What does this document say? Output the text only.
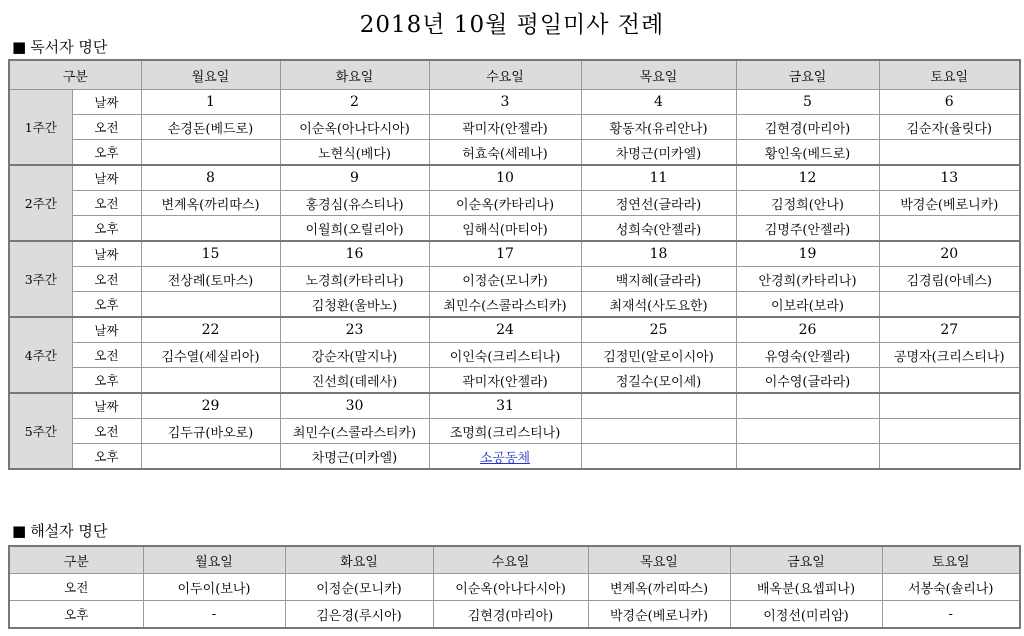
2018년 10월 평일미사 전례
■ 독서자 명단
구분		월요일	화요일	수요일	목요일	금요일	토요일
1주간	날짜	1	2	3	4	5	6
	오전	손경돈(베드로)	이순옥(아나다시아)	곽미자(안젤라)	황동자(유리안나)	김현경(마리아)	김순자(율릿다)
	오후		노현식(베다)	허효숙(세레나)	차명근(미카엘)	황인욱(베드로)	
2주간	날짜	8	9	10	11	12	13
	오전	변계옥(까리따스)	홍경심(유스티나)	이순옥(카타리나)	정연선(글라라)	김정희(안나)	박경순(베로니카)
	오후		이월희(오릴리아)	임해식(마티아)	성희숙(안젤라)	김명주(안젤라)	
3주간	날짜	15	16	17	18	19	20
	오전	전상례(토마스)	노경희(카타리나)	이정순(모니카)	백지혜(글라라)	안경희(카타리나)	김경림(아녜스)
	오후		김청환(울바노)	최민수(스콜라스티카)	최재석(사도요한)	이보라(보라)	
4주간	날짜	22	23	24	25	26	27
	오전	김수열(세실리아)	강순자(말지나)	이인숙(크리스티나)	김정민(알로이시아)	유영숙(안젤라)	공명자(크리스티나)
	오후		진선희(데레사)	곽미자(안젤라)	정길수(모이세)	이수영(글라라)	
5주간	날짜	29	30	31			
	오전	김두규(바오로)	최민수(스콜라스티카)	조명희(크리스티나)			
	오후		차명근(미카엘)	소공동체			
■ 해설자 명단
구분	월요일	화요일	수요일	목요일	금요일	토요일
오전	이두이(보나)	이정순(모니카)	이순옥(아나다시아)	변계옥(까리따스)	배옥분(요셉피나)	서봉숙(솔리나)
오후	-	김은경(루시아)	김현경(마리아)	박경순(베로니카)	이정선(미리암)	-
